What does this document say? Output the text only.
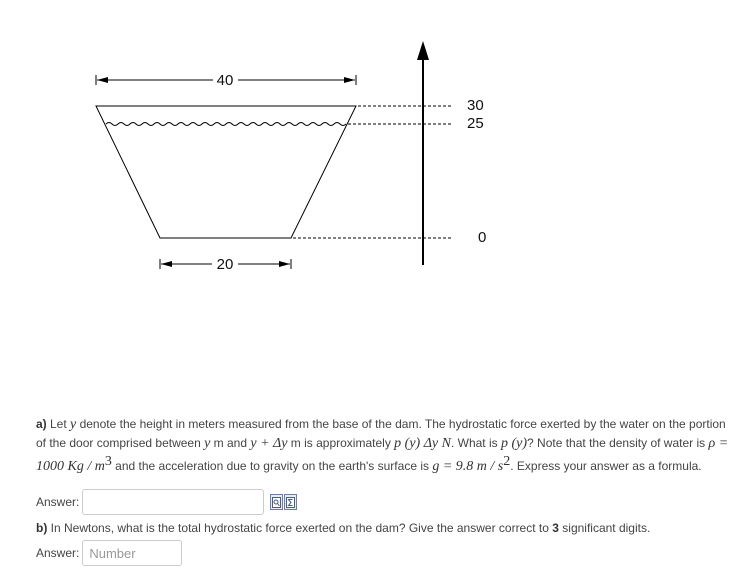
40
30
25
0
20
a) Let y denote the height in meters measured from the base of the dam. The hydrostatic force exerted by the water on the portion of the door comprised between y m and y + Δy m is approximately p (y) Δy N. What is p (y)? Note that the density of water is ρ = 1000 Kg / $m^3$ and the acceleration due to gravity on the earth's surface is g = 9.8 m / $s^2$. Express your answer as a formula.
Answer:
b) In Newtons, what is the total hydrostatic force exerted on the dam? Give the answer correct to 3 significant digits.
Answer:
Number
